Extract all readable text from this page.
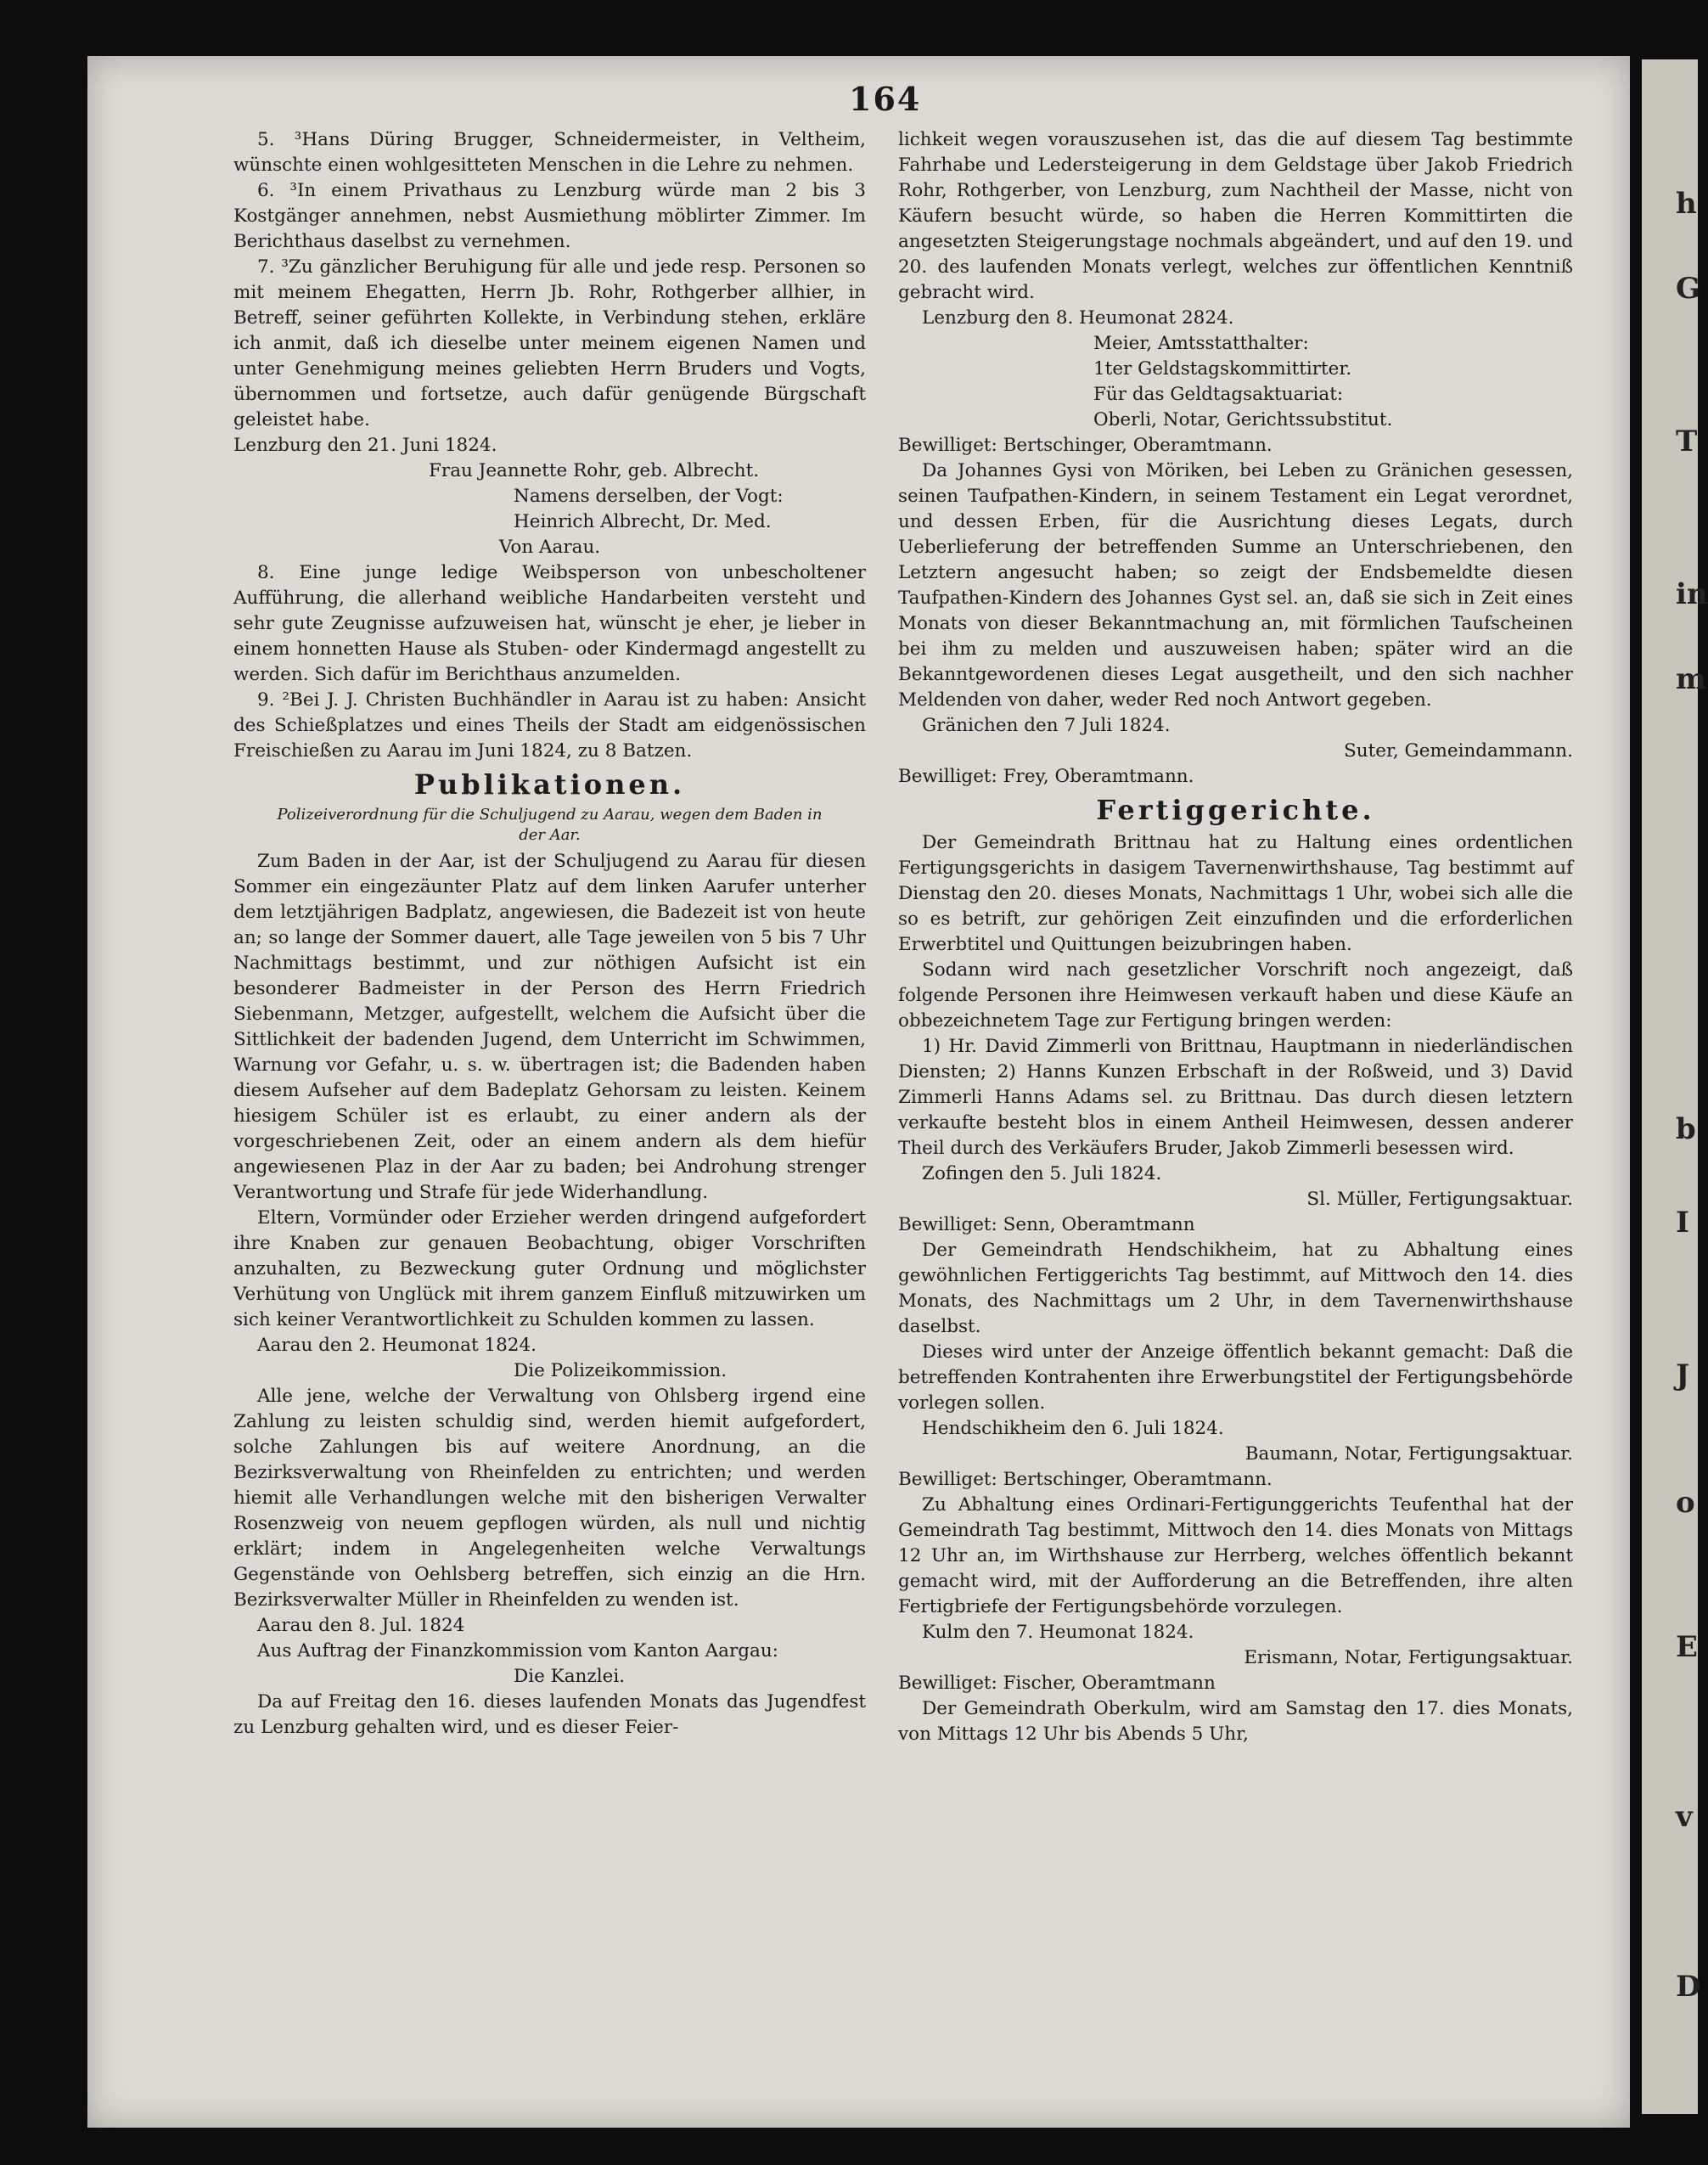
h
G
T
in
m
b
I
J
o
E
v
D
164

5. ³Hans Düring Brugger, Schneidermeister, in Veltheim, wünschte einen wohlgesitteten Menschen in die Lehre zu nehmen.

6. ³In einem Privathaus zu Lenzburg würde man 2 bis 3 Kostgänger annehmen, nebst Ausmiethung möblirter Zimmer. Im Berichthaus daselbst zu vernehmen.

7. ³Zu gänzlicher Beruhigung für alle und jede resp. Personen so mit meinem Ehegatten, Herrn Jb. Rohr, Rothgerber allhier, in Betreff, seiner geführten Kollekte, in Verbindung stehen, erkläre ich anmit, daß ich dieselbe unter meinem eigenen Namen und unter Genehmigung meines geliebten Herrn Bruders und Vogts, übernommen und fortsetze, auch dafür genügende Bürgschaft geleistet habe.

Lenzburg den 21. Juni 1824.

Frau Jeannette Rohr, geb. Albrecht.

Namens derselben, der Vogt:

Heinrich Albrecht, Dr. Med.

Von Aarau.

8. Eine junge ledige Weibsperson von unbescholtener Aufführung, die allerhand weibliche Handarbeiten versteht und sehr gute Zeugnisse aufzuweisen hat, wünscht je eher, je lieber in einem honnetten Hause als Stuben- oder Kindermagd angestellt zu werden. Sich dafür im Berichthaus anzumelden.

9. ²Bei J. J. Christen Buchhändler in Aarau ist zu haben: Ansicht des Schießplatzes und eines Theils der Stadt am eidgenössischen Freischießen zu Aarau im Juni 1824, zu 8 Batzen.

Publikationen.

Polizeiverordnung für die Schuljugend zu Aarau, wegen dem Baden in der Aar.

Zum Baden in der Aar, ist der Schuljugend zu Aarau für diesen Sommer ein eingezäunter Platz auf dem linken Aarufer unterher dem letztjährigen Badplatz, angewiesen, die Badezeit ist von heute an; so lange der Sommer dauert, alle Tage jeweilen von 5 bis 7 Uhr Nachmittags bestimmt, und zur nöthigen Aufsicht ist ein besonderer Badmeister in der Person des Herrn Friedrich Siebenmann, Metzger, aufgestellt, welchem die Aufsicht über die Sittlichkeit der badenden Jugend, dem Unterricht im Schwimmen, Warnung vor Gefahr, u. s. w. übertragen ist; die Badenden haben diesem Aufseher auf dem Badeplatz Gehorsam zu leisten. Keinem hiesigem Schüler ist es erlaubt, zu einer andern als der vorgeschriebenen Zeit, oder an einem andern als dem hiefür angewiesenen Plaz in der Aar zu baden; bei Androhung strenger Verantwortung und Strafe für jede Widerhandlung.

Eltern, Vormünder oder Erzieher werden dringend aufgefordert ihre Knaben zur genauen Beobachtung, obiger Vorschriften anzuhalten, zu Bezweckung guter Ordnung und möglichster Verhütung von Unglück mit ihrem ganzem Einfluß mitzuwirken um sich keiner Verantwortlichkeit zu Schulden kommen zu lassen.

Aarau den 2. Heumonat 1824.

Die Polizeikommission.

Alle jene, welche der Verwaltung von Ohlsberg irgend eine Zahlung zu leisten schuldig sind, werden hiemit aufgefordert, solche Zahlungen bis auf weitere Anordnung, an die Bezirksverwaltung von Rheinfelden zu entrichten; und werden hiemit alle Verhandlungen welche mit den bisherigen Verwalter Rosenzweig von neuem gepflogen würden, als null und nichtig erklärt; indem in Angelegenheiten welche Verwaltungs Gegenstände von Oehlsberg betreffen, sich einzig an die Hrn. Bezirksverwalter Müller in Rheinfelden zu wenden ist.

Aarau den 8. Jul. 1824

Aus Auftrag der Finanzkommission vom Kanton Aargau:

Die Kanzlei.

Da auf Freitag den 16. dieses laufenden Monats das Jugendfest zu Lenzburg gehalten wird, und es dieser Feier-

lichkeit wegen vorauszusehen ist, das die auf diesem Tag bestimmte Fahrhabe und Ledersteigerung in dem Geldstage über Jakob Friedrich Rohr, Rothgerber, von Lenzburg, zum Nachtheil der Masse, nicht von Käufern besucht würde, so haben die Herren Kommittirten die angesetzten Steigerungstage nochmals abgeändert, und auf den 19. und 20. des laufenden Monats verlegt, welches zur öffentlichen Kenntniß gebracht wird.

Lenzburg den 8. Heumonat 2824.

Meier, Amtsstatthalter:

1ter Geldstagskommittirter.

Für das Geldtagsaktuariat:

Oberli, Notar, Gerichtssubstitut.

Bewilliget: Bertschinger, Oberamtmann.

Da Johannes Gysi von Möriken, bei Leben zu Gränichen gesessen, seinen Taufpathen-Kindern, in seinem Testament ein Legat verordnet, und dessen Erben, für die Ausrichtung dieses Legats, durch Ueberlieferung der betreffenden Summe an Unterschriebenen, den Letztern angesucht haben; so zeigt der Endsbemeldte diesen Taufpathen-Kindern des Johannes Gyst sel. an, daß sie sich in Zeit eines Monats von dieser Bekanntmachung an, mit förmlichen Taufscheinen bei ihm zu melden und auszuweisen haben; später wird an die Bekanntgewordenen dieses Legat ausgetheilt, und den sich nachher Meldenden von daher, weder Red noch Antwort gegeben.

Gränichen den 7 Juli 1824.

Suter, Gemeindammann.

Bewilliget: Frey, Oberamtmann.

Fertiggerichte.

Der Gemeindrath Brittnau hat zu Haltung eines ordentlichen Fertigungsgerichts in dasigem Tavernenwirthshause, Tag bestimmt auf Dienstag den 20. dieses Monats, Nachmittags 1 Uhr, wobei sich alle die so es betrift, zur gehörigen Zeit einzufinden und die erforderlichen Erwerbtitel und Quittungen beizubringen haben.

Sodann wird nach gesetzlicher Vorschrift noch angezeigt, daß folgende Personen ihre Heimwesen verkauft haben und diese Käufe an obbezeichnetem Tage zur Fertigung bringen werden:

1) Hr. David Zimmerli von Brittnau, Hauptmann in niederländischen Diensten; 2) Hanns Kunzen Erbschaft in der Roßweid, und 3) David Zimmerli Hanns Adams sel. zu Brittnau. Das durch diesen letztern verkaufte besteht blos in einem Antheil Heimwesen, dessen anderer Theil durch des Verkäufers Bruder, Jakob Zimmerli besessen wird.

Zofingen den 5. Juli 1824.

Sl. Müller, Fertigungsaktuar.

Bewilliget: Senn, Oberamtmann

Der Gemeindrath Hendschikheim, hat zu Abhaltung eines gewöhnlichen Fertiggerichts Tag bestimmt, auf Mittwoch den 14. dies Monats, des Nachmittags um 2 Uhr, in dem Tavernenwirthshause daselbst.

Dieses wird unter der Anzeige öffentlich bekannt gemacht: Daß die betreffenden Kontrahenten ihre Erwerbungstitel der Fertigungsbehörde vorlegen sollen.

Hendschikheim den 6. Juli 1824.

Baumann, Notar, Fertigungsaktuar.

Bewilliget: Bertschinger, Oberamtmann.

Zu Abhaltung eines Ordinari-Fertigunggerichts Teufenthal hat der Gemeindrath Tag bestimmt, Mittwoch den 14. dies Monats von Mittags 12 Uhr an, im Wirthshause zur Herrberg, welches öffentlich bekannt gemacht wird, mit der Aufforderung an die Betreffenden, ihre alten Fertigbriefe der Fertigungsbehörde vorzulegen.

Kulm den 7. Heumonat 1824.

Erismann, Notar, Fertigungsaktuar.

Bewilliget: Fischer, Oberamtmann

Der Gemeindrath Oberkulm, wird am Samstag den 17. dies Monats, von Mittags 12 Uhr bis Abends 5 Uhr,
